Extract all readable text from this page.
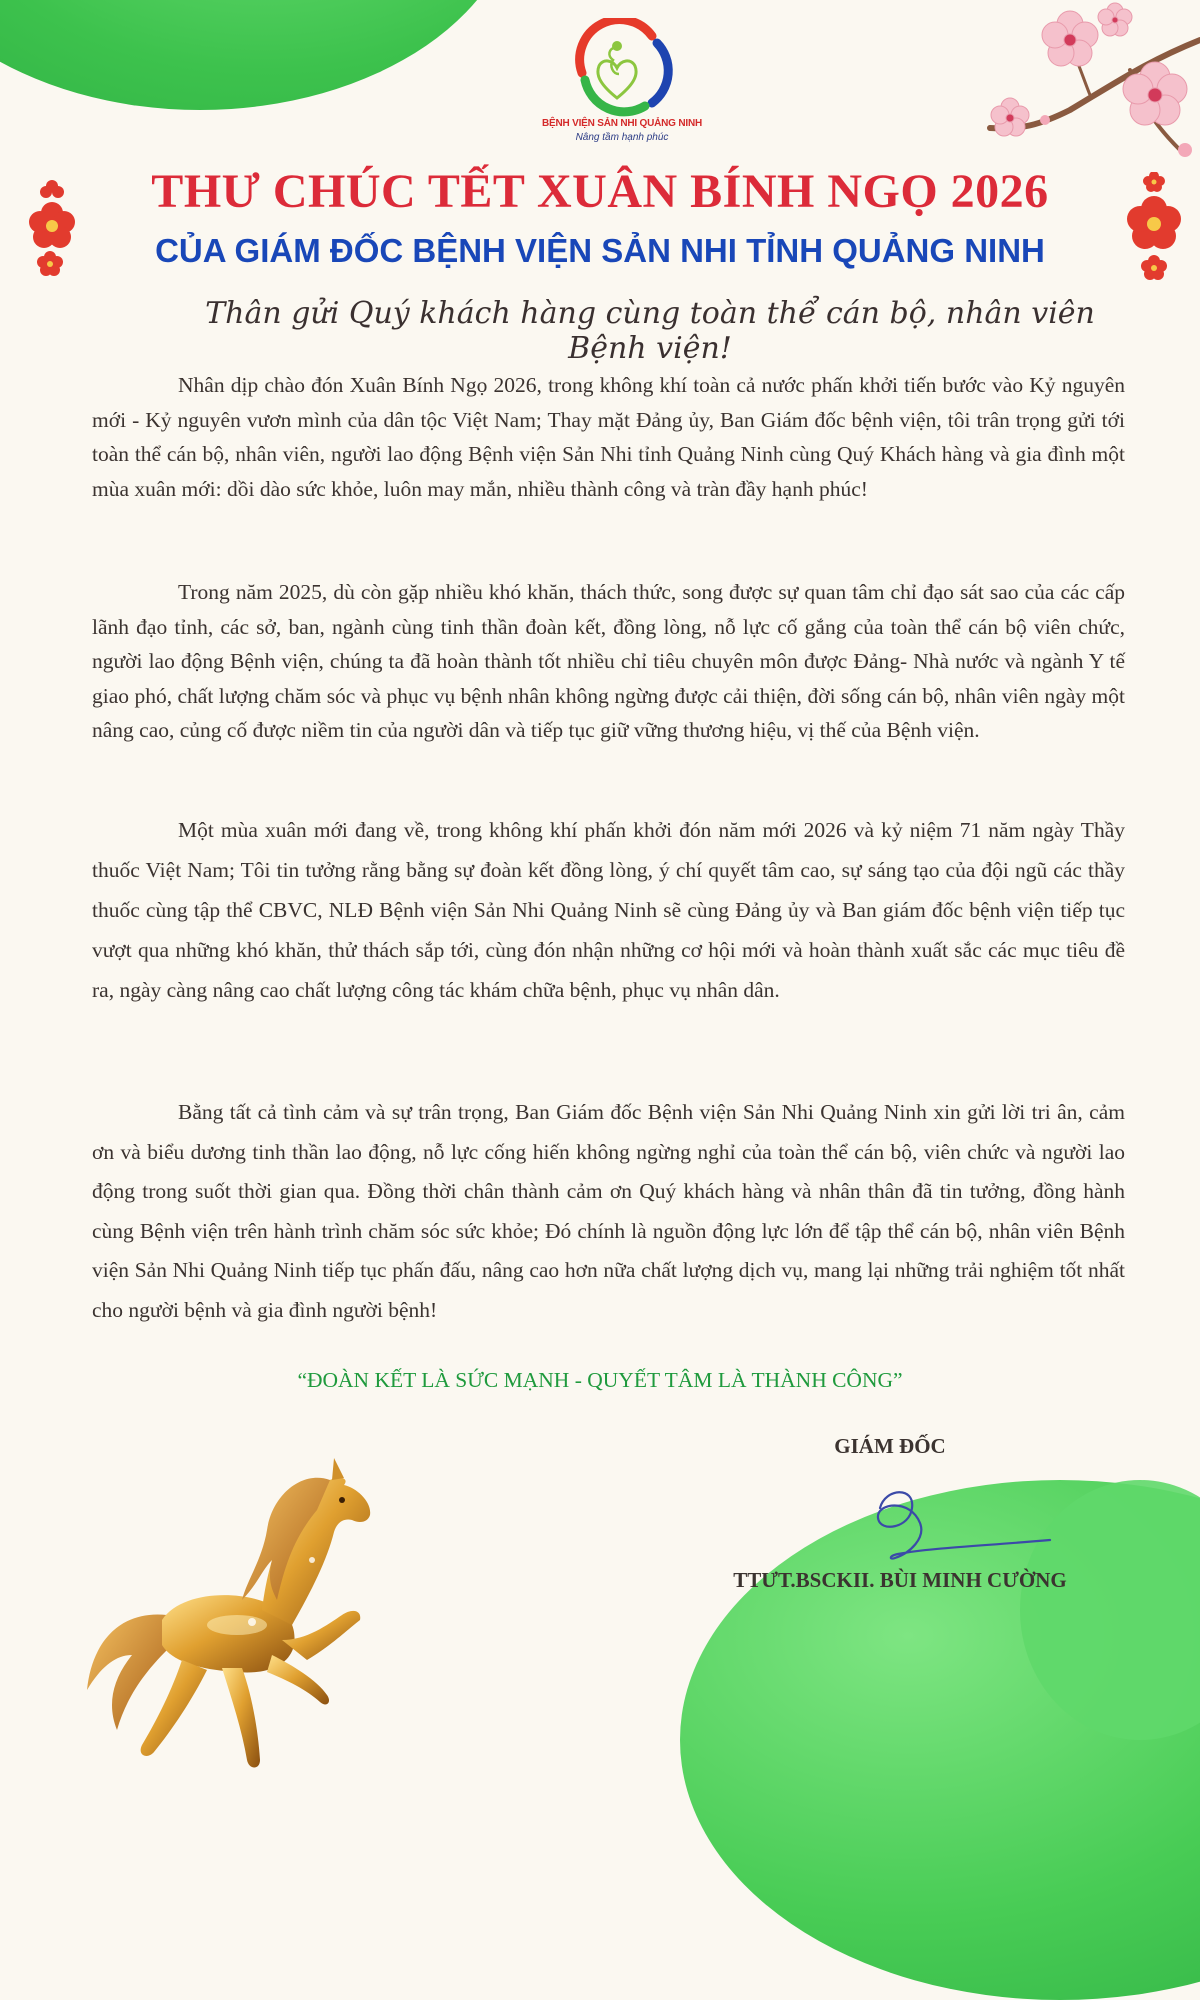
BỆNH VIỆN SẢN NHI QUẢNG NINH
Nâng tầm hạnh phúc
THƯ CHÚC TẾT XUÂN BÍNH NGỌ 2026
CỦA GIÁM ĐỐC BỆNH VIỆN SẢN NHI TỈNH QUẢNG NINH
Thân gửi Quý khách hàng cùng toàn thể cán bộ, nhân viên Bệnh viện!

Nhân dịp chào đón Xuân Bính Ngọ 2026, trong không khí toàn cả nước phấn khởi tiến bước vào Kỷ nguyên mới - Kỷ nguyên vươn mình của dân tộc Việt Nam; Thay mặt Đảng ủy, Ban Giám đốc bệnh viện, tôi trân trọng gửi tới toàn thể cán bộ, nhân viên, người lao động Bệnh viện Sản Nhi tỉnh Quảng Ninh cùng Quý Khách hàng và gia đình một mùa xuân mới: dồi dào sức khỏe, luôn may mắn, nhiều thành công và tràn đầy hạnh phúc!

Trong năm 2025, dù còn gặp nhiều khó khăn, thách thức, song được sự quan tâm chỉ đạo sát sao của các cấp lãnh đạo tỉnh, các sở, ban, ngành cùng tinh thần đoàn kết, đồng lòng, nỗ lực cố gắng của toàn thể cán bộ viên chức, người lao động Bệnh viện, chúng ta đã hoàn thành tốt nhiều chỉ tiêu chuyên môn được Đảng- Nhà nước và ngành Y tế giao phó, chất lượng chăm sóc và phục vụ bệnh nhân không ngừng được cải thiện, đời sống cán bộ, nhân viên ngày một nâng cao, củng cố được niềm tin của người dân và tiếp tục giữ vững thương hiệu, vị thế của Bệnh viện.

Một mùa xuân mới đang về, trong không khí phấn khởi đón năm mới 2026 và kỷ niệm 71 năm ngày Thầy thuốc Việt Nam; Tôi tin tưởng rằng bằng sự đoàn kết đồng lòng, ý chí quyết tâm cao, sự sáng tạo của đội ngũ các thầy thuốc cùng tập thể CBVC, NLĐ Bệnh viện Sản Nhi Quảng Ninh sẽ cùng Đảng ủy và Ban giám đốc bệnh viện tiếp tục vượt qua những khó khăn, thử thách sắp tới, cùng đón nhận những cơ hội mới và hoàn thành xuất sắc các mục tiêu đề ra, ngày càng nâng cao chất lượng công tác khám chữa bệnh, phục vụ nhân dân.

Bằng tất cả tình cảm và sự trân trọng, Ban Giám đốc Bệnh viện Sản Nhi Quảng Ninh xin gửi lời tri ân, cảm ơn và biểu dương tinh thần lao động, nỗ lực cống hiến không ngừng nghỉ của toàn thể cán bộ, viên chức và người lao động trong suốt thời gian qua. Đồng thời chân thành cảm ơn Quý khách hàng và nhân thân đã tin tưởng, đồng hành cùng Bệnh viện trên hành trình chăm sóc sức khỏe; Đó chính là nguồn động lực lớn để tập thể cán bộ, nhân viên Bệnh viện Sản Nhi Quảng Ninh tiếp tục phấn đấu, nâng cao hơn nữa chất lượng dịch vụ, mang lại những trải nghiệm tốt nhất cho người bệnh và gia đình người bệnh!

“ĐOÀN KẾT LÀ SỨC MẠNH - QUYẾT TÂM LÀ THÀNH CÔNG”
GIÁM ĐỐC
TTƯT.BSCKII. BÙI MINH CƯỜNG
